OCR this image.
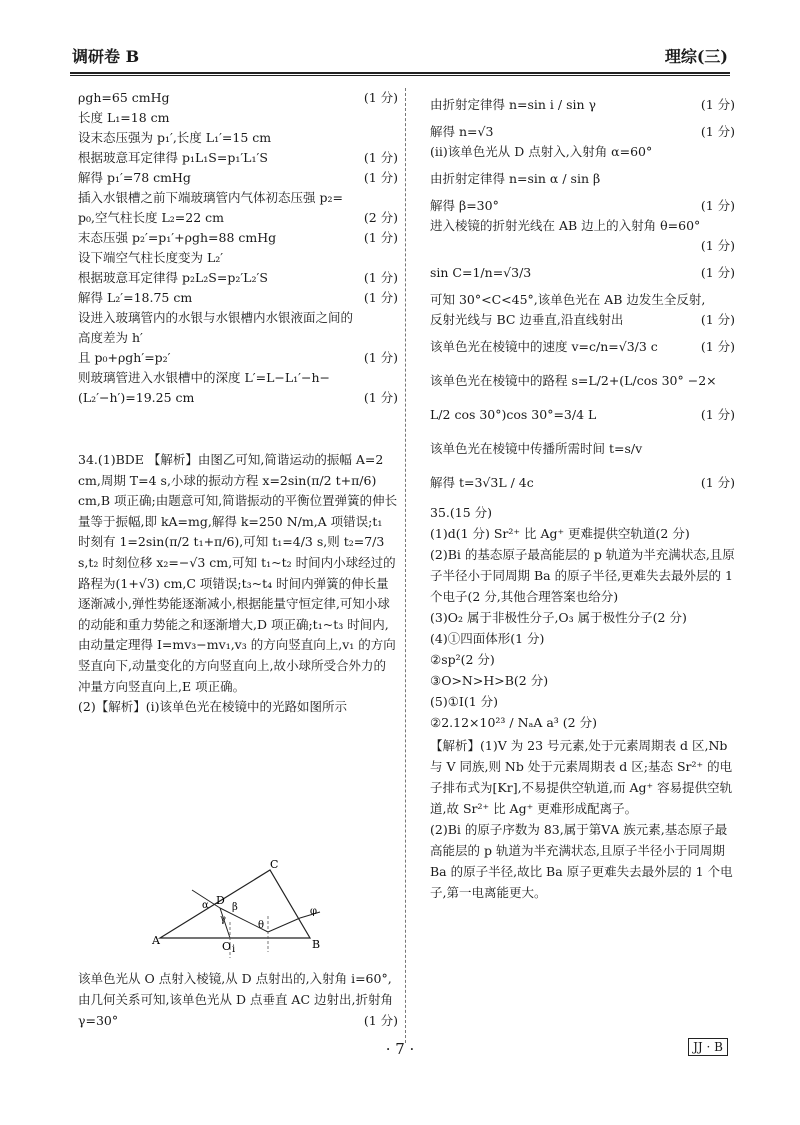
调研卷 B	理综(三)
ρgh=65 cmHg	(1 分)
长度 L₁=18 cm
设末态压强为 p₁′,长度 L₁′=15 cm
根据玻意耳定律得 p₁L₁S=p₁′L₁′S	(1 分)
解得 p₁′=78 cmHg	(1 分)
插入水银槽之前下端玻璃管内气体初态压强 p₂=
p₀,空气柱长度 L₂=22 cm	(2 分)
末态压强 p₂′=p₁′+ρgh=88 cmHg	(1 分)
设下端空气柱长度变为 L₂′
根据玻意耳定律得 p₂L₂S=p₂′L₂′S	(1 分)
解得 L₂′=18.75 cm	(1 分)
设进入玻璃管内的水银与水银槽内水银液面之间的
高度差为 h′
且 p₀+ρgh′=p₂′	(1 分)
则玻璃管进入水银槽中的深度 L′=L−L₁′−h−
(L₂′−h′)=19.25 cm	(1 分)

34.(1)BDE 【解析】由图乙可知,简谐运动的振幅 A=2 cm,周期 T=4 s,小球的振动方程 x=2sin(π/2 t+π/6) cm,B 项正确;由题意可知,简谐振动的平衡位置弹簧的伸长量等于振幅,即 kA=mg,解得 k=250 N/m,A 项错误;t₁ 时刻有 1=2sin(π/2 t₁+π/6),可知 t₁=4/3 s,则 t₂=7/3 s,t₂ 时刻位移 x₂=−√3 cm,可知 t₁~t₂ 时间内小球经过的路程为(1+√3) cm,C 项错误;t₃~t₄ 时间内弹簧的伸长量逐渐减小,弹性势能逐渐减小,根据能量守恒定律,可知小球的动能和重力势能之和逐渐增大,D 项正确;t₁~t₃ 时间内,由动量定理得 I=mv₃−mv₁,v₃ 的方向竖直向上,v₁ 的方向竖直向下,动量变化的方向竖直向上,故小球所受合外力的冲量方向竖直向上,E 项正确。

(2)【解析】(ⅰ)该单色光在棱镜中的光路如图所示

A	B
C
D
O
α β
γ
θ
i
φ
该单色光从 O 点射入棱镜,从 D 点射出的,入射角 i=60°,由几何关系可知,该单色光从 D 点垂直 AC 边射出,折射角 γ=30°	(1 分)
由折射定律得 n=sin i / sin γ	(1 分)
解得 n=√3	(1 分)
(ⅱ)该单色光从 D 点射入,入射角 α=60°
由折射定律得 n=sin α / sin β
解得 β=30°	(1 分)
进入棱镜的折射光线在 AB 边上的入射角 θ=60°
(1 分)
sin C=1/n=√3/3	(1 分)
可知 30°<C<45°,该单色光在 AB 边发生全反射,
反射光线与 BC 边垂直,沿直线射出	(1 分)
该单色光在棱镜中的速度 v=c/n=√3/3 c	(1 分)
该单色光在棱镜中的路程 s=L/2+(L/cos 30° −2×
L/2 cos 30°)cos 30°=3/4 L	(1 分)
该单色光在棱镜中传播所需时间 t=s/v
解得 t=3√3L / 4c	(1 分)
35.(15 分)
(1)d(1 分) Sr²⁺ 比 Ag⁺ 更难提供空轨道(2 分)
(2)Bi 的基态原子最高能层的 p 轨道为半充满状态,且原子半径小于同周期 Ba 的原子半径,更难失去最外层的 1 个电子(2 分,其他合理答案也给分)
(3)O₂ 属于非极性分子,O₃ 属于极性分子(2 分)
(4)①四面体形(1 分)
②sp²(2 分)
③O>N>H>B(2 分)
(5)①Ⅰ(1 分)
②2.12×10²³ / NₐA a³ (2 分)
【解析】(1)V 为 23 号元素,处于元素周期表 d 区,Nb 与 V 同族,则 Nb 处于元素周期表 d 区;基态 Sr²⁺ 的电子排布式为[Kr],不易提供空轨道,而 Ag⁺ 容易提供空轨道,故 Sr²⁺ 比 Ag⁺ 更难形成配离子。
(2)Bi 的原子序数为 83,属于第ⅤA 族元素,基态原子最高能层的 p 轨道为半充满状态,且原子半径小于同周期 Ba 的原子半径,故比 Ba 原子更难失去最外层的 1 个电子,第一电离能更大。
· 7 ·	JJ · B
